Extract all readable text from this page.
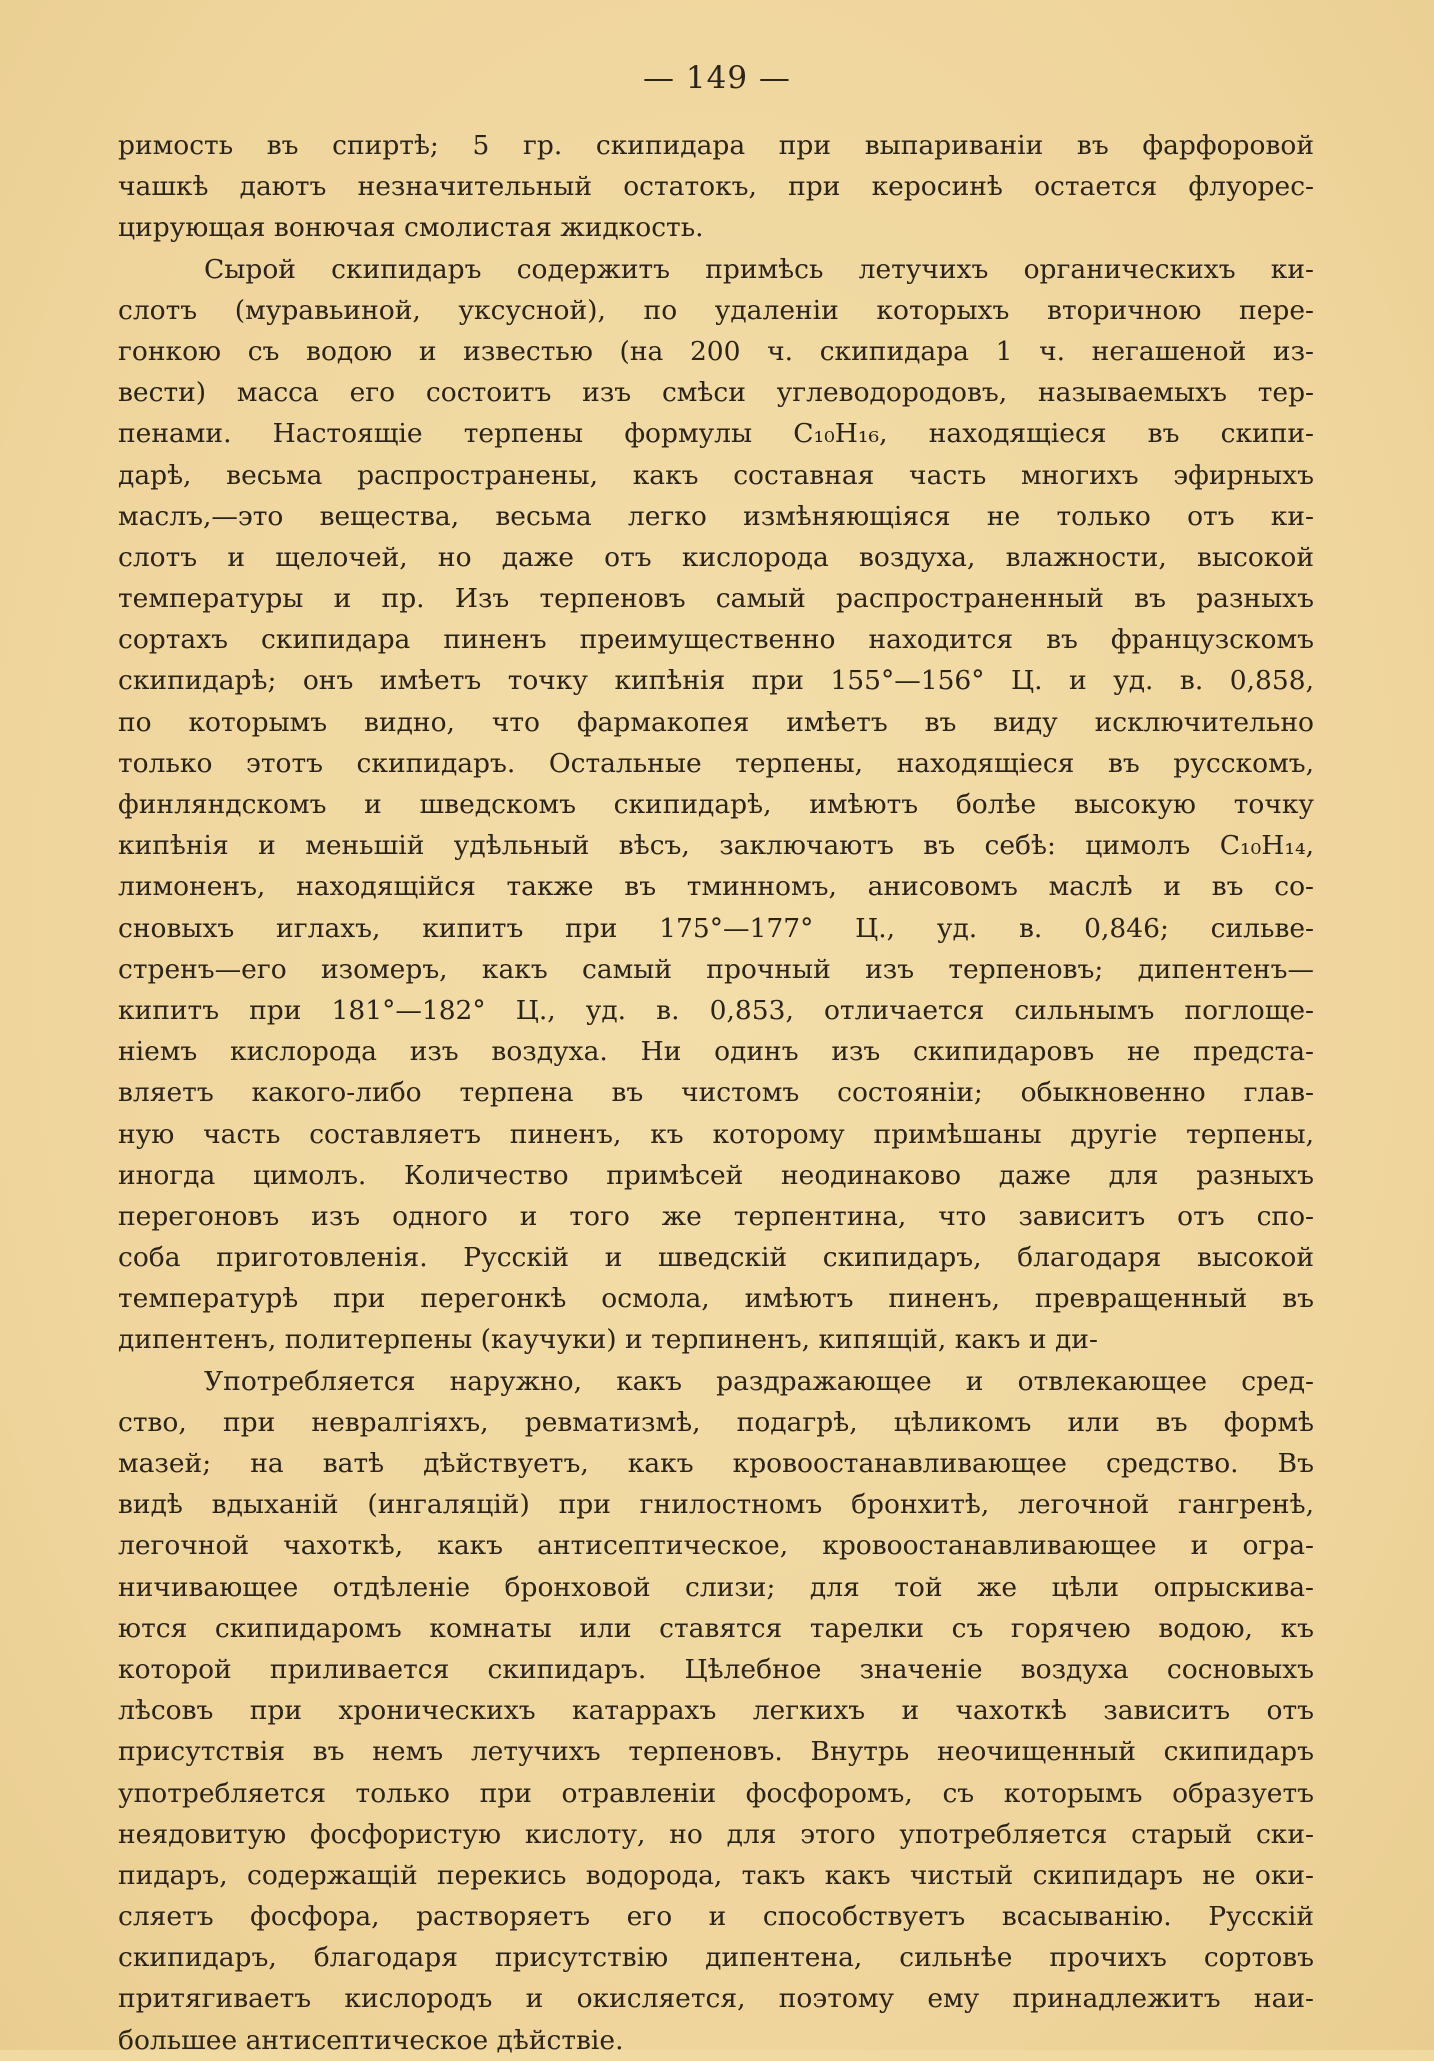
— 149 —
римость въ спиртѣ; 5 гр. скипидара при выпариваніи въ фарфоровой
чашкѣ даютъ незначительный остатокъ, при керосинѣ остается флуорес-
цирующая вонючая смолистая жидкость.
Сырой скипидаръ содержитъ примѣсь летучихъ органическихъ ки-
слотъ (муравьиной, уксусной), по удаленіи которыхъ вторичною пере-
гонкою съ водою и известью (на 200 ч. скипидара 1 ч. негашеной из-
вести) масса его состоитъ изъ смѣси углеводородовъ, называемыхъ тер-
пенами. Настоящіе терпены формулы C₁₀H₁₆, находящіеся въ скипи-
дарѣ, весьма распространены, какъ составная часть многихъ эфирныхъ
маслъ,—это вещества, весьма легко измѣняющіяся не только отъ ки-
слотъ и щелочей, но даже отъ кислорода воздуха, влажности, высокой
температуры и пр. Изъ терпеновъ самый распространенный въ разныхъ
сортахъ скипидара пиненъ преимущественно находится въ французскомъ
скипидарѣ; онъ имѣетъ точку кипѣнія при 155°—156° Ц. и уд. в. 0,858,
по которымъ видно, что фармакопея имѣетъ въ виду исключительно
только этотъ скипидаръ. Остальные терпены, находящіеся въ русскомъ,
финляндскомъ и шведскомъ скипидарѣ, имѣютъ болѣе высокую точку
кипѣнія и меньшій удѣльный вѣсъ, заключаютъ въ себѣ: цимолъ C₁₀H₁₄,
лимоненъ, находящійся также въ тминномъ, анисовомъ маслѣ и въ со-
сновыхъ иглахъ, кипитъ при 175°—177° Ц., уд. в. 0,846; сильве-
стренъ—его изомеръ, какъ самый прочный изъ терпеновъ; дипентенъ—
кипитъ при 181°—182° Ц., уд. в. 0,853, отличается сильнымъ поглоще-
ніемъ кислорода изъ воздуха. Ни одинъ изъ скипидаровъ не предста-
вляетъ какого-либо терпена въ чистомъ состояніи; обыкновенно глав-
ную часть составляетъ пиненъ, къ которому примѣшаны другіе терпены,
иногда цимолъ. Количество примѣсей неодинаково даже для разныхъ
перегоновъ изъ одного и того же терпентина, что зависитъ отъ спо-
соба приготовленія. Русскій и шведскій скипидаръ, благодаря высокой
температурѣ при перегонкѣ осмола, имѣютъ пиненъ, превращенный въ
дипентенъ, политерпены (каучуки) и терпиненъ, кипящій, какъ и ди-
Употребляется наружно, какъ раздражающее и отвлекающее сред-
ство, при невралгіяхъ, ревматизмѣ, подагрѣ, цѣликомъ или въ формѣ
мазей; на ватѣ дѣйствуетъ, какъ кровоостанавливающее средство. Въ
видѣ вдыханій (ингаляцій) при гнилостномъ бронхитѣ, легочной гангренѣ,
легочной чахоткѣ, какъ антисептическое, кровоостанавливающее и огра-
ничивающее отдѣленіе бронховой слизи; для той же цѣли опрыскива-
ются скипидаромъ комнаты или ставятся тарелки съ горячею водою, къ
которой приливается скипидаръ. Цѣлебное значеніе воздуха сосновыхъ
лѣсовъ при хроническихъ катаррахъ легкихъ и чахоткѣ зависитъ отъ
присутствія въ немъ летучихъ терпеновъ. Внутрь неочищенный скипидаръ
употребляется только при отравленіи фосфоромъ, съ которымъ образуетъ
неядовитую фосфористую кислоту, но для этого употребляется старый ски-
пидаръ, содержащій перекись водорода, такъ какъ чистый скипидаръ не оки-
сляетъ фосфора, растворяетъ его и способствуетъ всасыванію. Русскій
скипидаръ, благодаря присутствію дипентена, сильнѣе прочихъ сортовъ
притягиваетъ кислородъ и окисляется, поэтому ему принадлежитъ наи-
большее антисептическое дѣйствіе.
